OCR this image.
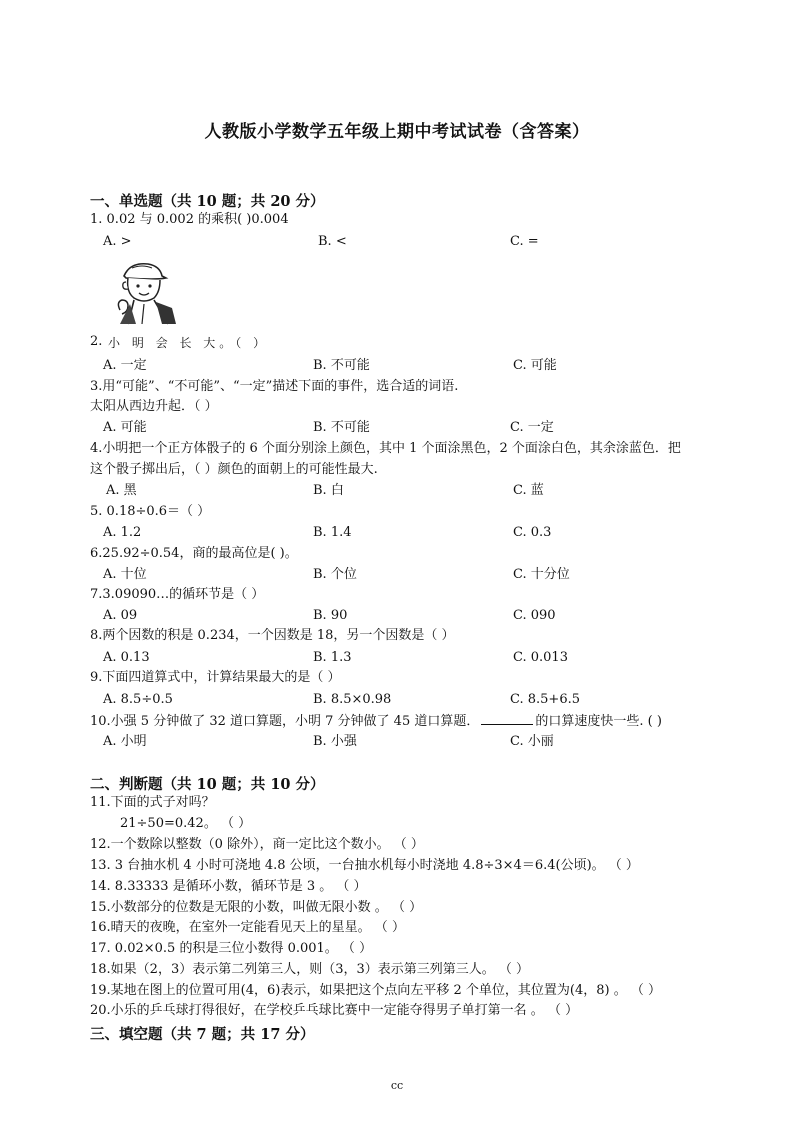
人教版小学数学五年级上期中考试试卷（含答案）
一、单选题（共 10 题；共 20 分）
1. 0.02 与 0.002 的乘积( )0.004
A. >	B. <	C. =
2. 小 明 会 长 大。（ ）
A. 一定	B. 不可能	C. 可能
3.用“可能”、“不可能”、“一定”描述下面的事件，选合适的词语.
太阳从西边升起．（ ）
A. 可能	B. 不可能	C. 一定
4.小明把一个正方体骰子的 6 个面分别涂上颜色，其中 1 个面涂黑色，2 个面涂白色，其余涂蓝色．把
这个骰子掷出后，（ ）颜色的面朝上的可能性最大.
A. 黑	B. 白	C. 蓝
5. 0.18÷0.6＝（ ）
A. 1.2	B. 1.4	C. 0.3
6.25.92÷0.54，商的最高位是( )。
A. 十位	B. 个位	C. 十分位
7.3.09090…的循环节是（ ）
A. 09	B. 90	C. 090
8.两个因数的积是 0.234，一个因数是 18，另一个因数是（ ）
A. 0.13	B. 1.3	C. 0.013
9.下面四道算式中，计算结果最大的是（ ）
A. 8.5÷0.5	B. 8.5×0.98	C. 8.5+6.5
10.小强 5 分钟做了 32 道口算题，小明 7 分钟做了 45 道口算题．	的口算速度快一些. ( )
A. 小明	B. 小强	C. 小丽
二、判断题（共 10 题；共 10 分）
11.下面的式子对吗？
21÷50=0.42。 （ ）
12.一个数除以整数（0 除外），商一定比这个数小。 （ ）
13. 3 台抽水机 4 小时可浇地 4.8 公顷，一台抽水机每小时浇地 4.8÷3×4＝6.4(公顷)。 （ ）
14. 8.33333 是循环小数，循环节是 3 。 （ ）
15.小数部分的位数是无限的小数，叫做无限小数 。 （ ）
16.晴天的夜晚，在室外一定能看见天上的星星。 （ ）
17. 0.02×0.5 的积是三位小数得 0.001。 （ ）
18.如果（2，3）表示第二列第三人，则（3，3）表示第三列第三人。 （ ）
19.某地在图上的位置可用(4，6)表示，如果把这个点向左平移 2 个单位，其位置为(4，8) 。 （ ）
20.小乐的乒乓球打得很好，在学校乒乓球比赛中一定能夺得男子单打第一名 。 （ ）
三、填空题（共 7 题；共 17 分）
cc
